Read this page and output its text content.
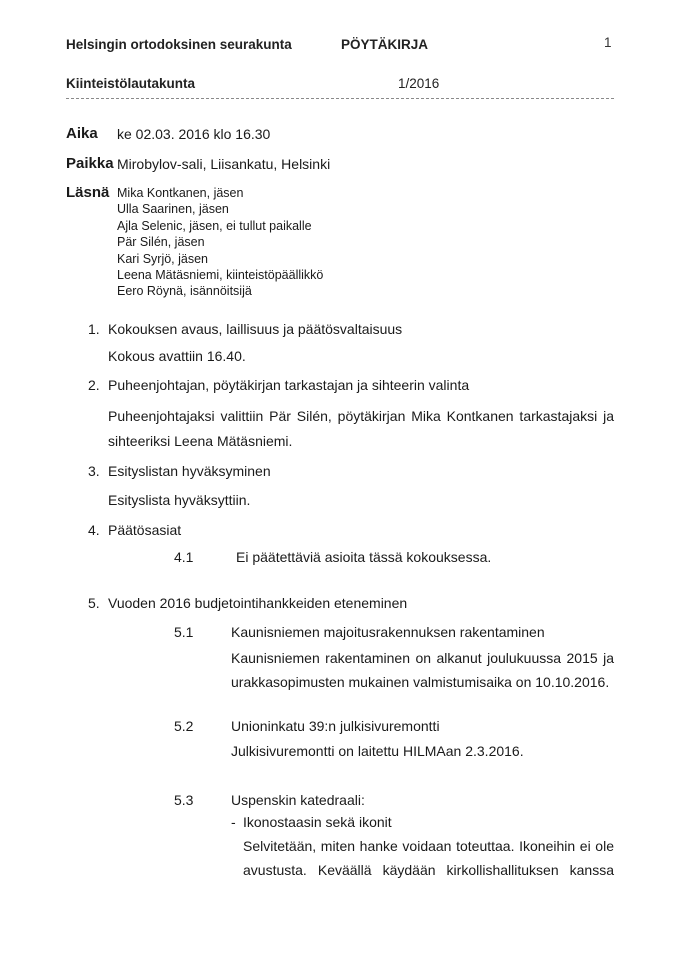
Helsingin ortodoksinen seurakunta	PÖYTÄKIRJA	1
Kiinteistölautakunta	1/2016
Aika ke 02.03. 2016 klo 16.30
Paikka Mirobylov-sali, Liisankatu, Helsinki
Läsnä Mika Kontkanen, jäsen
Ulla Saarinen, jäsen
Ajla Selenic, jäsen, ei tullut paikalle
Pär Silén, jäsen
Kari Syrjö, jäsen
Leena Mätäsniemi, kiinteistöpäällikkö
Eero Röynä, isännöitsijä
1. Kokouksen avaus, laillisuus ja päätösvaltaisuus
Kokous avattiin 16.40.
2. Puheenjohtajan, pöytäkirjan tarkastajan ja sihteerin valinta
Puheenjohtajaksi valittiin Pär Silén, pöytäkirjan Mika Kontkanen tarkastajaksi ja
sihteeriksi Leena Mätäsniemi.
3. Esityslistan hyväksyminen
Esityslista hyväksyttiin.
4. Päätösasiat
4.1	Ei päätettäviä asioita tässä kokouksessa.
5. Vuoden 2016 budjetointihankkeiden eteneminen
5.1	Kaunisniemen majoitusrakennuksen rakentaminen
Kaunisniemen rakentaminen on alkanut joulukuussa 2015 ja
urakkasopimusten mukainen valmistumisaika on 10.10.2016.
5.2	Unioninkatu 39:n julkisivuremontti
Julkisivuremontti on laitettu HILMAan 2.3.2016.
5.3	Uspenskin katedraali:
- Ikonostaasin sekä ikonit
Selvitetään, miten hanke voidaan toteuttaa. Ikoneihin ei ole
avustusta. Keväällä käydään kirkollishallituksen kanssa
